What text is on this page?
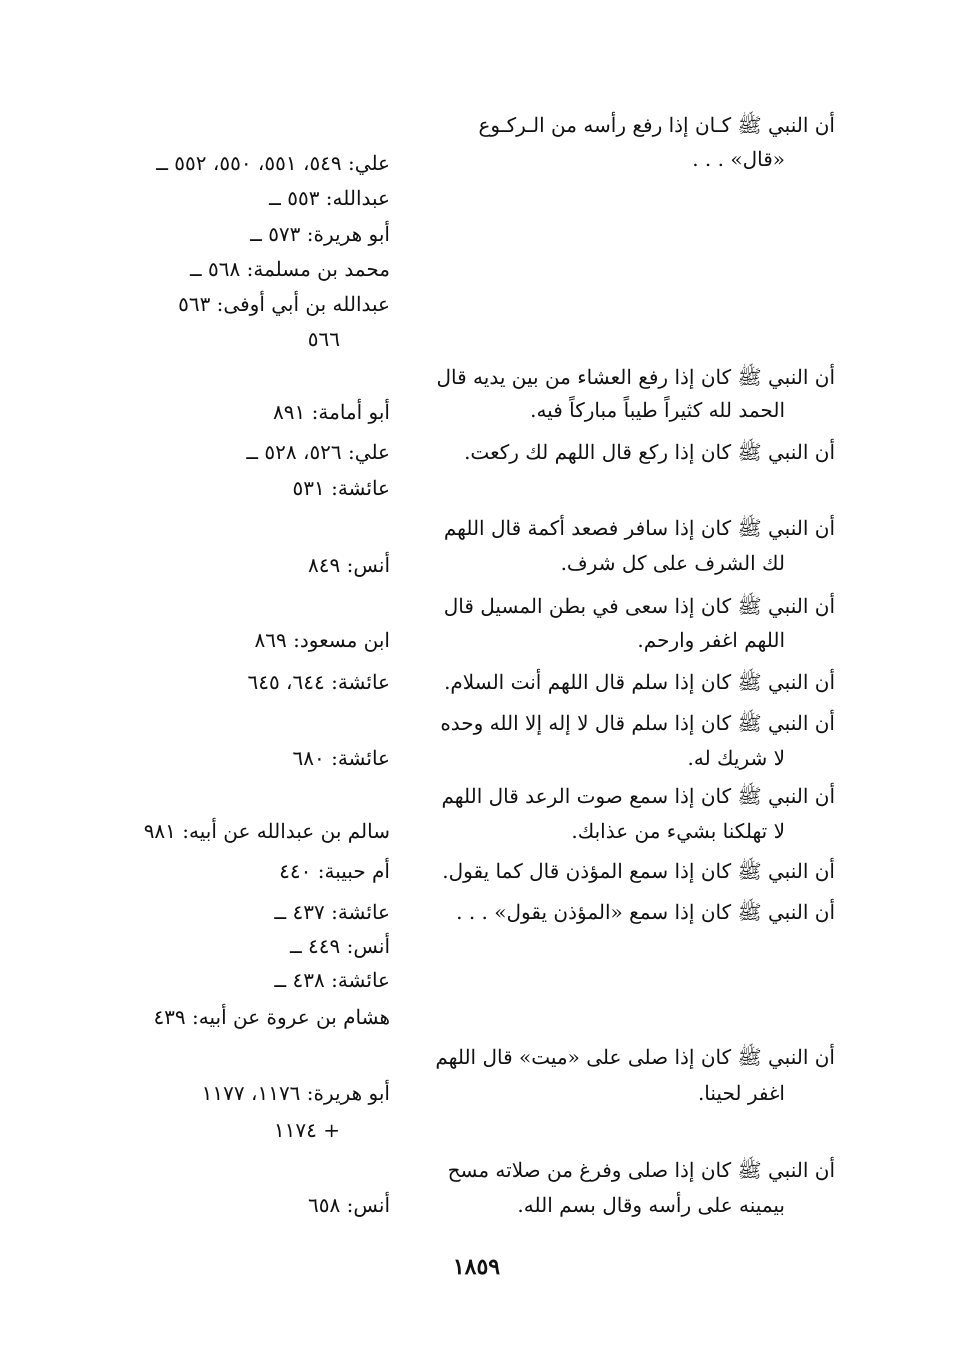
أن النبي ﷺ كـان إذا رفع رأسه من الـركـوع
«قال» . . .
علي: ٥٤٩، ٥٥١، ٥٥٠، ٥٥٢ ــ
عبدالله: ٥٥٣ ــ
أبو هريرة: ٥٧٣ ــ
محمد بن مسلمة: ٥٦٨ ــ
عبدالله بن أبي أوفى: ٥٦٣
٥٦٦
أن النبي ﷺ كان إذا رفع العشاء من بين يديه قال
الحمد لله كثيراً طيباً مباركاً فيه.
أبو أمامة: ٨٩١
أن النبي ﷺ كان إذا ركع قال اللهم لك ركعت.
علي: ٥٢٦، ٥٢٨ ــ
عائشة: ٥٣١
أن النبي ﷺ كان إذا سافر فصعد أكمة قال اللهم
لك الشرف على كل شرف.
أنس: ٨٤٩
أن النبي ﷺ كان إذا سعى في بطن المسيل قال
اللهم اغفر وارحم.
ابن مسعود: ٨٦٩
أن النبي ﷺ كان إذا سلم قال اللهم أنت السلام.
عائشة: ٦٤٤، ٦٤٥
أن النبي ﷺ كان إذا سلم قال لا إله إلا الله وحده
لا شريك له.
عائشة: ٦٨٠
أن النبي ﷺ كان إذا سمع صوت الرعد قال اللهم
لا تهلكنا بشيء من عذابك.
سالم بن عبدالله عن أبيه: ٩٨١
أن النبي ﷺ كان إذا سمع المؤذن قال كما يقول.
أم حبيبة: ٤٤٠
أن النبي ﷺ كان إذا سمع «المؤذن يقول» . . .
عائشة: ٤٣٧ ــ
أنس: ٤٤٩ ــ
عائشة: ٤٣٨ ــ
هشام بن عروة عن أبيه: ٤٣٩
أن النبي ﷺ كان إذا صلى على «ميت» قال اللهم
اغفر لحينا.
أبو هريرة: ١١٧٦، ١١٧٧
+ ١١٧٤
أن النبي ﷺ كان إذا صلى وفرغ من صلاته مسح
بيمينه على رأسه وقال بسم الله.
أنس: ٦٥٨
١٨٥٩
